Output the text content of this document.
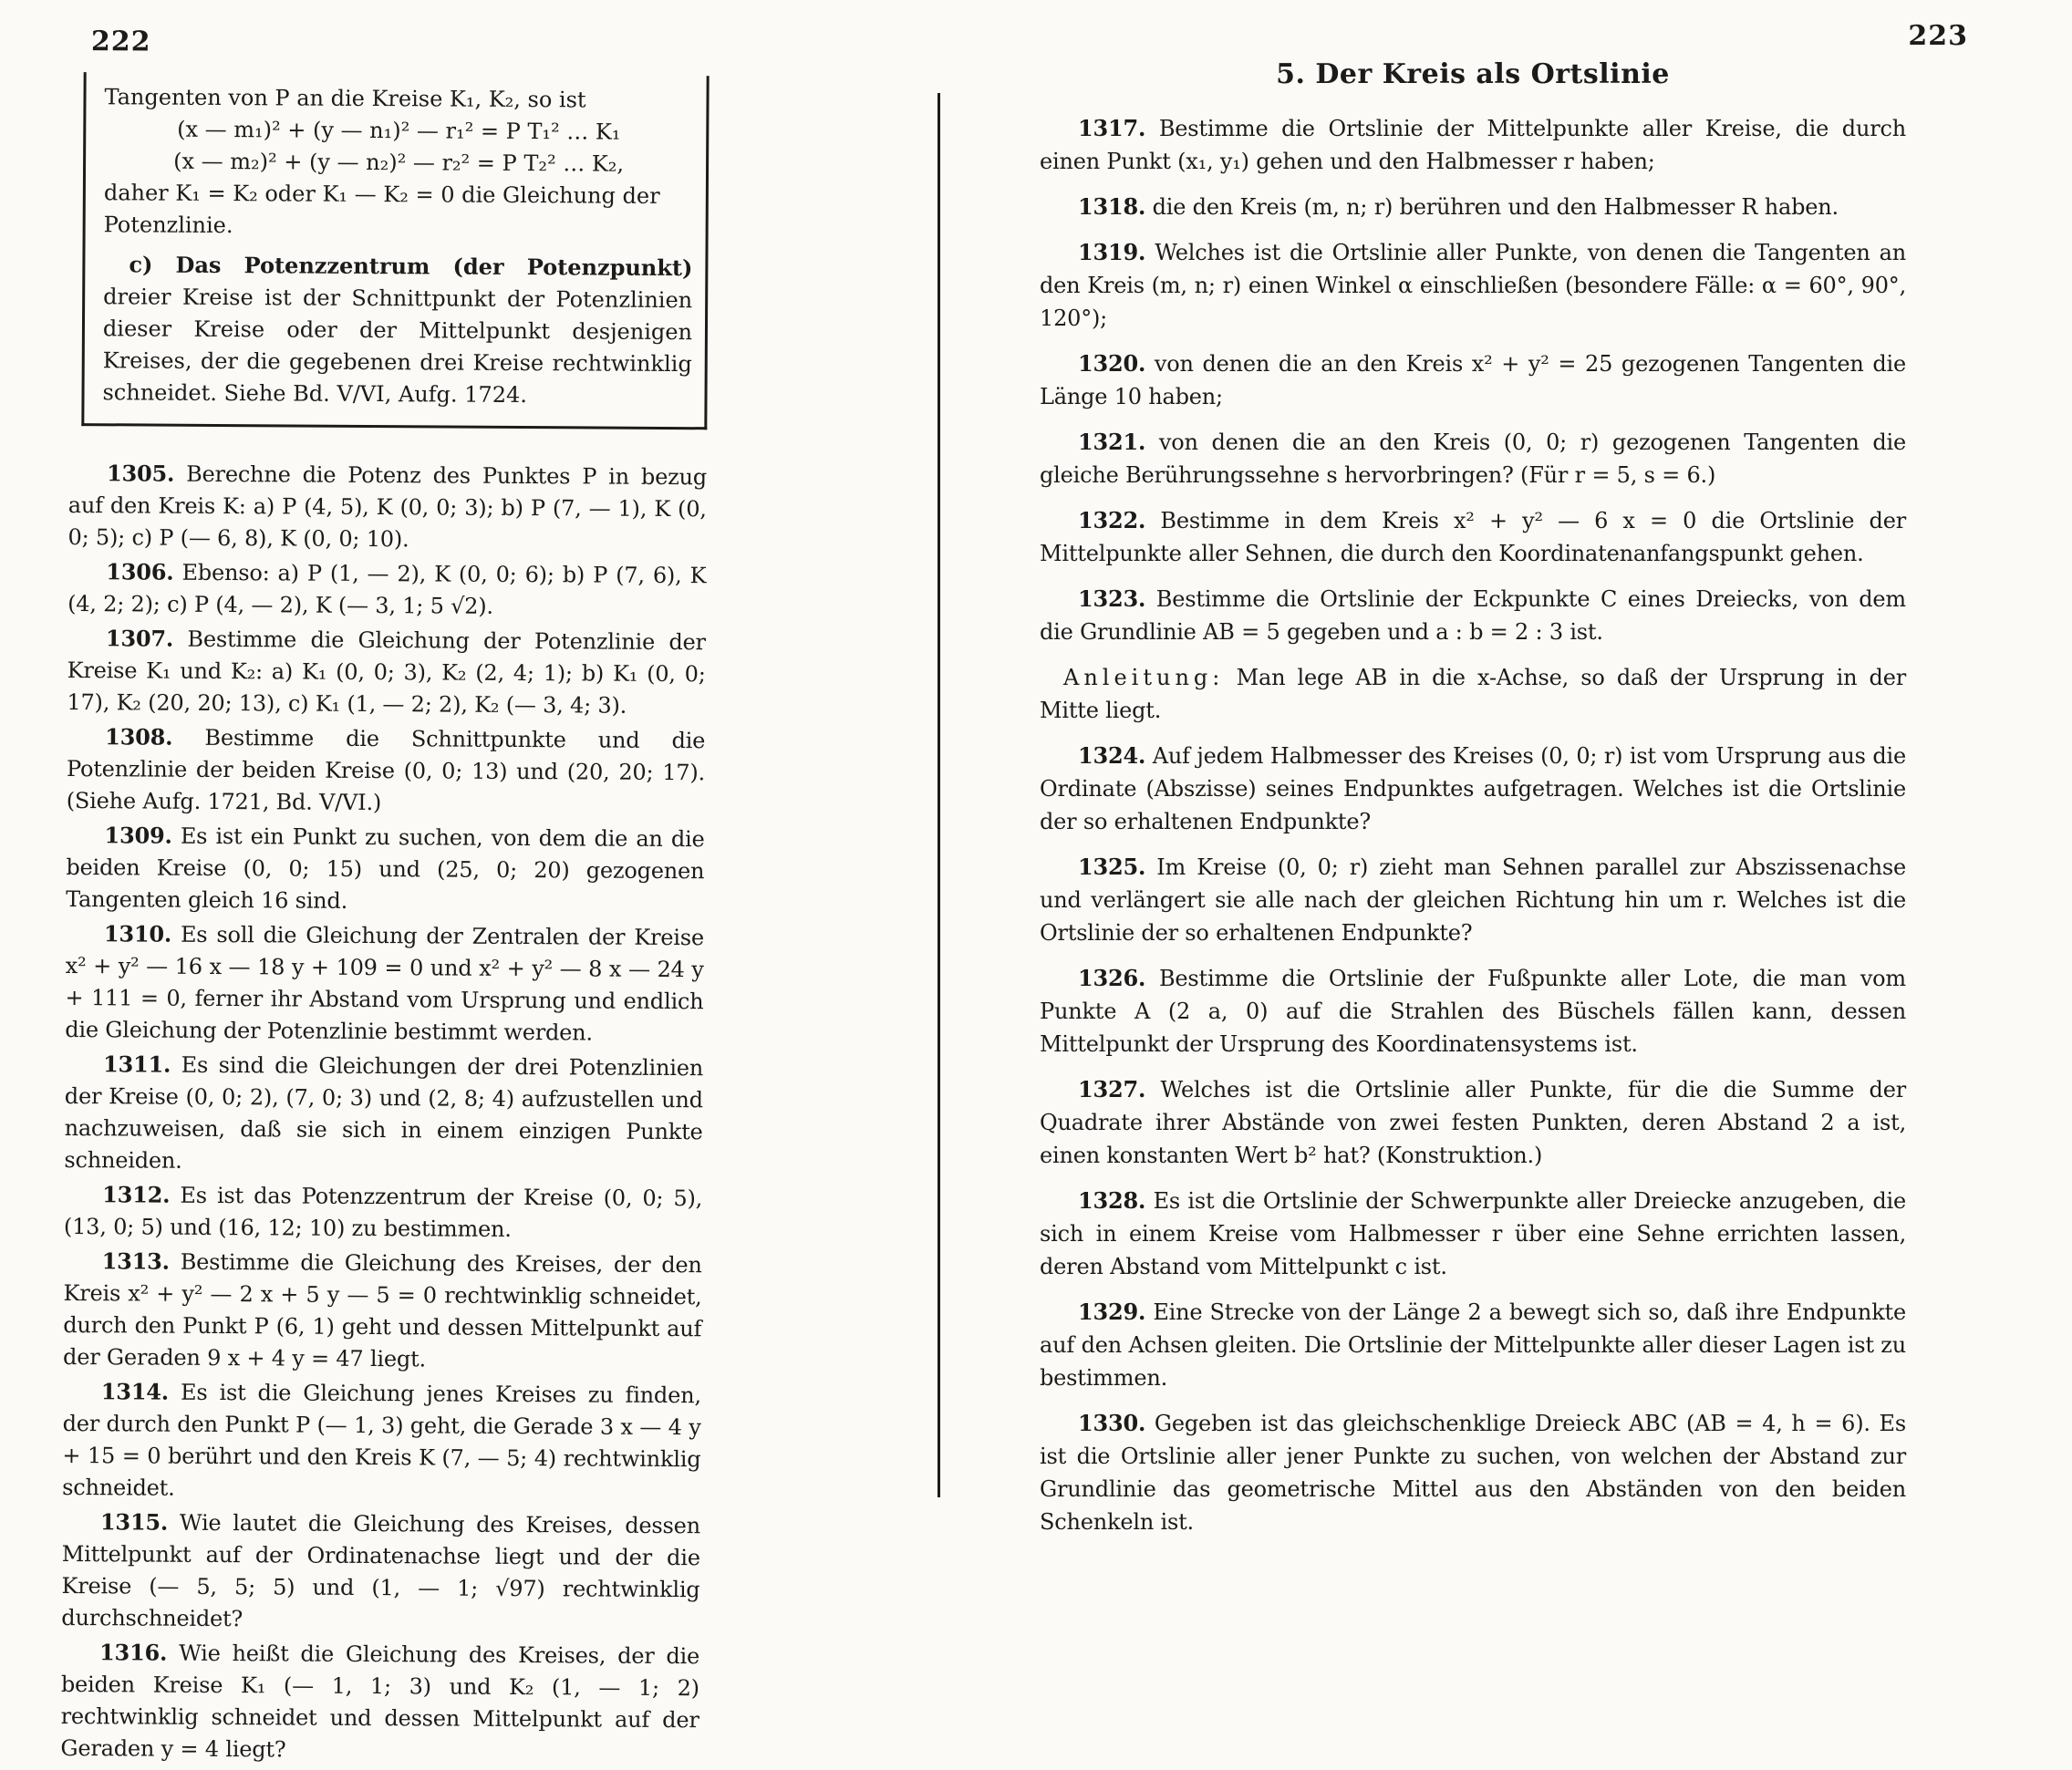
222

Tangenten von P an die Kreise K₁, K₂, so ist

(x — m₁)² + (y — n₁)² — r₁² = P T₁² … K₁

(x — m₂)² + (y — n₂)² — r₂² = P T₂² … K₂,

daher K₁ = K₂ oder K₁ — K₂ = 0 die Gleichung der Potenzlinie.

c) Das Potenzzentrum (der Potenzpunkt) dreier Kreise ist der Schnittpunkt der Potenzlinien dieser Kreise oder der Mittelpunkt desjenigen Kreises, der die gegebenen drei Kreise rechtwinklig schneidet. Siehe Bd. V/VI, Aufg. 1724.

1305. Berechne die Potenz des Punktes P in bezug auf den Kreis K: a) P (4, 5), K (0, 0; 3); b) P (7, — 1), K (0, 0; 5); c) P (— 6, 8), K (0, 0; 10).

1306. Ebenso: a) P (1, — 2), K (0, 0; 6); b) P (7, 6), K (4, 2; 2); c) P (4, — 2), K (— 3, 1; 5 √2).

1307. Bestimme die Gleichung der Potenzlinie der Kreise K₁ und K₂: a) K₁ (0, 0; 3), K₂ (2, 4; 1); b) K₁ (0, 0; 17), K₂ (20, 20; 13), c) K₁ (1, — 2; 2), K₂ (— 3, 4; 3).

1308. Bestimme die Schnittpunkte und die Potenzlinie der beiden Kreise (0, 0; 13) und (20, 20; 17). (Siehe Aufg. 1721, Bd. V/VI.)

1309. Es ist ein Punkt zu suchen, von dem die an die beiden Kreise (0, 0; 15) und (25, 0; 20) gezogenen Tangenten gleich 16 sind.

1310. Es soll die Gleichung der Zentralen der Kreise x² + y² — 16 x — 18 y + 109 = 0 und x² + y² — 8 x — 24 y + 111 = 0, ferner ihr Abstand vom Ursprung und endlich die Gleichung der Potenzlinie bestimmt werden.

1311. Es sind die Gleichungen der drei Potenzlinien der Kreise (0, 0; 2), (7, 0; 3) und (2, 8; 4) aufzustellen und nachzuweisen, daß sie sich in einem einzigen Punkte schneiden.

1312. Es ist das Potenzzentrum der Kreise (0, 0; 5), (13, 0; 5) und (16, 12; 10) zu bestimmen.

1313. Bestimme die Gleichung des Kreises, der den Kreis x² + y² — 2 x + 5 y — 5 = 0 rechtwinklig schneidet, durch den Punkt P (6, 1) geht und dessen Mittelpunkt auf der Geraden 9 x + 4 y = 47 liegt.

1314. Es ist die Gleichung jenes Kreises zu finden, der durch den Punkt P (— 1, 3) geht, die Gerade 3 x — 4 y + 15 = 0 berührt und den Kreis K (7, — 5; 4) rechtwinklig schneidet.

1315. Wie lautet die Gleichung des Kreises, dessen Mittelpunkt auf der Ordinatenachse liegt und der die Kreise (— 5, 5; 5) und (1, — 1; √97) rechtwinklig durchschneidet?

1316. Wie heißt die Gleichung des Kreises, der die beiden Kreise K₁ (— 1, 1; 3) und K₂ (1, — 1; 2) rechtwinklig schneidet und dessen Mittelpunkt auf der Geraden y = 4 liegt?

223
5. Der Kreis als Ortslinie

1317. Bestimme die Ortslinie der Mittelpunkte aller Kreise, die durch einen Punkt (x₁, y₁) gehen und den Halbmesser r haben;

1318. die den Kreis (m, n; r) berühren und den Halbmesser R haben.

1319. Welches ist die Ortslinie aller Punkte, von denen die Tangenten an den Kreis (m, n; r) einen Winkel α einschließen (besondere Fälle: α = 60°, 90°, 120°);

1320. von denen die an den Kreis x² + y² = 25 gezogenen Tangenten die Länge 10 haben;

1321. von denen die an den Kreis (0, 0; r) gezogenen Tangenten die gleiche Berührungssehne s hervorbringen? (Für r = 5, s = 6.)

1322. Bestimme in dem Kreis x² + y² — 6 x = 0 die Ortslinie der Mittelpunkte aller Sehnen, die durch den Koordinatenanfangspunkt gehen.

1323. Bestimme die Ortslinie der Eckpunkte C eines Dreiecks, von dem die Grundlinie AB = 5 gegeben und a : b = 2 : 3 ist.

Anleitung: Man lege AB in die x-Achse, so daß der Ursprung in der Mitte liegt.

1324. Auf jedem Halbmesser des Kreises (0, 0; r) ist vom Ursprung aus die Ordinate (Abszisse) seines Endpunktes aufgetragen. Welches ist die Ortslinie der so erhaltenen Endpunkte?

1325. Im Kreise (0, 0; r) zieht man Sehnen parallel zur Abszissenachse und verlängert sie alle nach der gleichen Richtung hin um r. Welches ist die Ortslinie der so erhaltenen Endpunkte?

1326. Bestimme die Ortslinie der Fußpunkte aller Lote, die man vom Punkte A (2 a, 0) auf die Strahlen des Büschels fällen kann, dessen Mittelpunkt der Ursprung des Koordinatensystems ist.

1327. Welches ist die Ortslinie aller Punkte, für die die Summe der Quadrate ihrer Abstände von zwei festen Punkten, deren Abstand 2 a ist, einen konstanten Wert b² hat? (Konstruktion.)

1328. Es ist die Ortslinie der Schwerpunkte aller Dreiecke anzugeben, die sich in einem Kreise vom Halbmesser r über eine Sehne errichten lassen, deren Abstand vom Mittelpunkt c ist.

1329. Eine Strecke von der Länge 2 a bewegt sich so, daß ihre Endpunkte auf den Achsen gleiten. Die Ortslinie der Mittelpunkte aller dieser Lagen ist zu bestimmen.

1330. Gegeben ist das gleichschenklige Dreieck ABC (AB = 4, h = 6). Es ist die Ortslinie aller jener Punkte zu suchen, von welchen der Abstand zur Grundlinie das geometrische Mittel aus den Abständen von den beiden Schenkeln ist.
